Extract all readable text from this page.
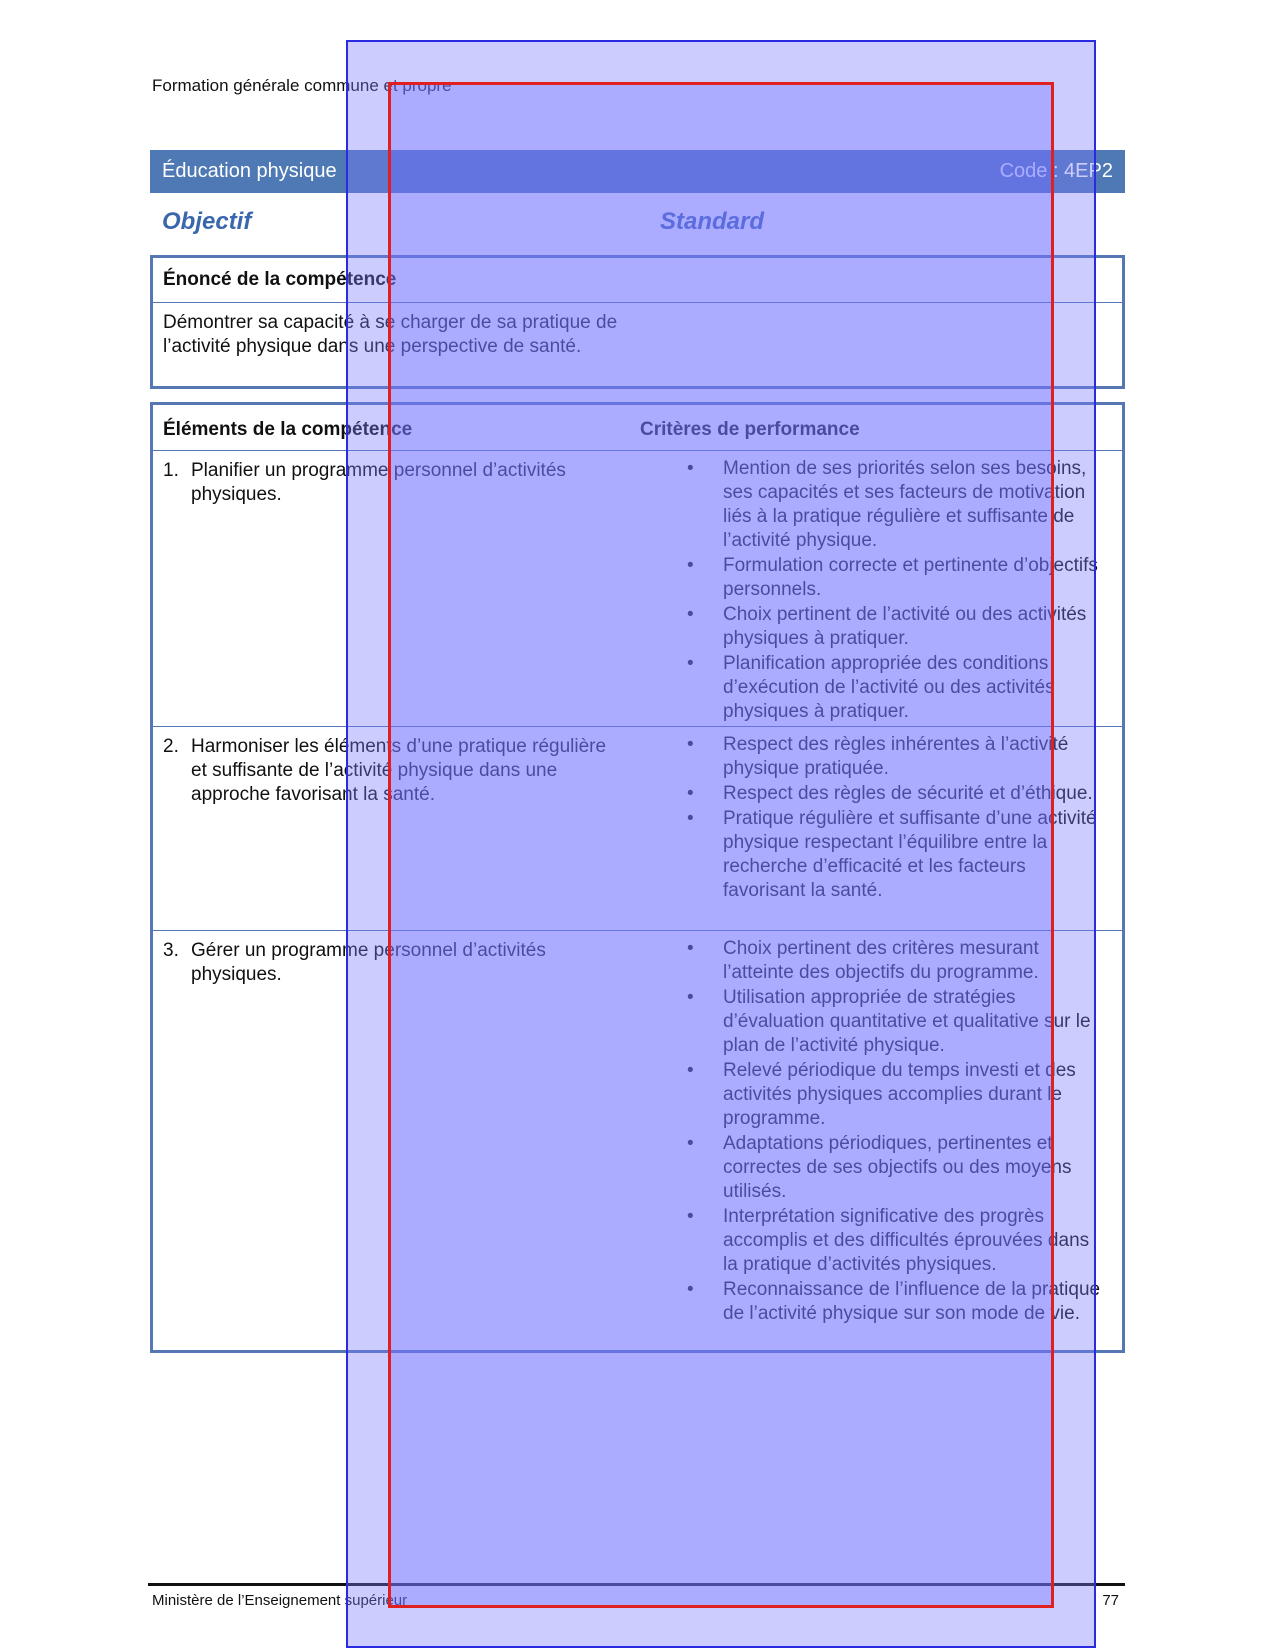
Formation générale commune et propre
Éducation physique	Code : 4EP2
Objectif	Standard
Énoncé de la compétence
Démontrer sa capacité à se charger de sa pratique de l’activité physique dans une perspective de santé.
Éléments de la compétence	Critères de performance
1. Planifier un programme personnel d’activités physiques.
• Mention de ses priorités selon ses besoins, ses capacités et ses facteurs de motivation liés à la pratique régulière et suffisante de l’activité physique.
• Formulation correcte et pertinente d’objectifs personnels.
• Choix pertinent de l’activité ou des activités physiques à pratiquer.
• Planification appropriée des conditions d’exécution de l’activité ou des activités physiques à pratiquer.
2. Harmoniser les éléments d’une pratique régulière et suffisante de l’activité physique dans une approche favorisant la santé.
• Respect des règles inhérentes à l’activité physique pratiquée.
• Respect des règles de sécurité et d’éthique.
• Pratique régulière et suffisante d’une activité physique respectant l’équilibre entre la recherche d’efficacité et les facteurs favorisant la santé.
3. Gérer un programme personnel d’activités physiques.
• Choix pertinent des critères mesurant l’atteinte des objectifs du programme.
• Utilisation appropriée de stratégies d’évaluation quantitative et qualitative sur le plan de l’activité physique.
• Relevé périodique du temps investi et des activités physiques accomplies durant le programme.
• Adaptations périodiques, pertinentes et correctes de ses objectifs ou des moyens utilisés.
• Interprétation significative des progrès accomplis et des difficultés éprouvées dans la pratique d’activités physiques.
• Reconnaissance de l’influence de la pratique de l’activité physique sur son mode de vie.
Ministère de l’Enseignement supérieur	77
